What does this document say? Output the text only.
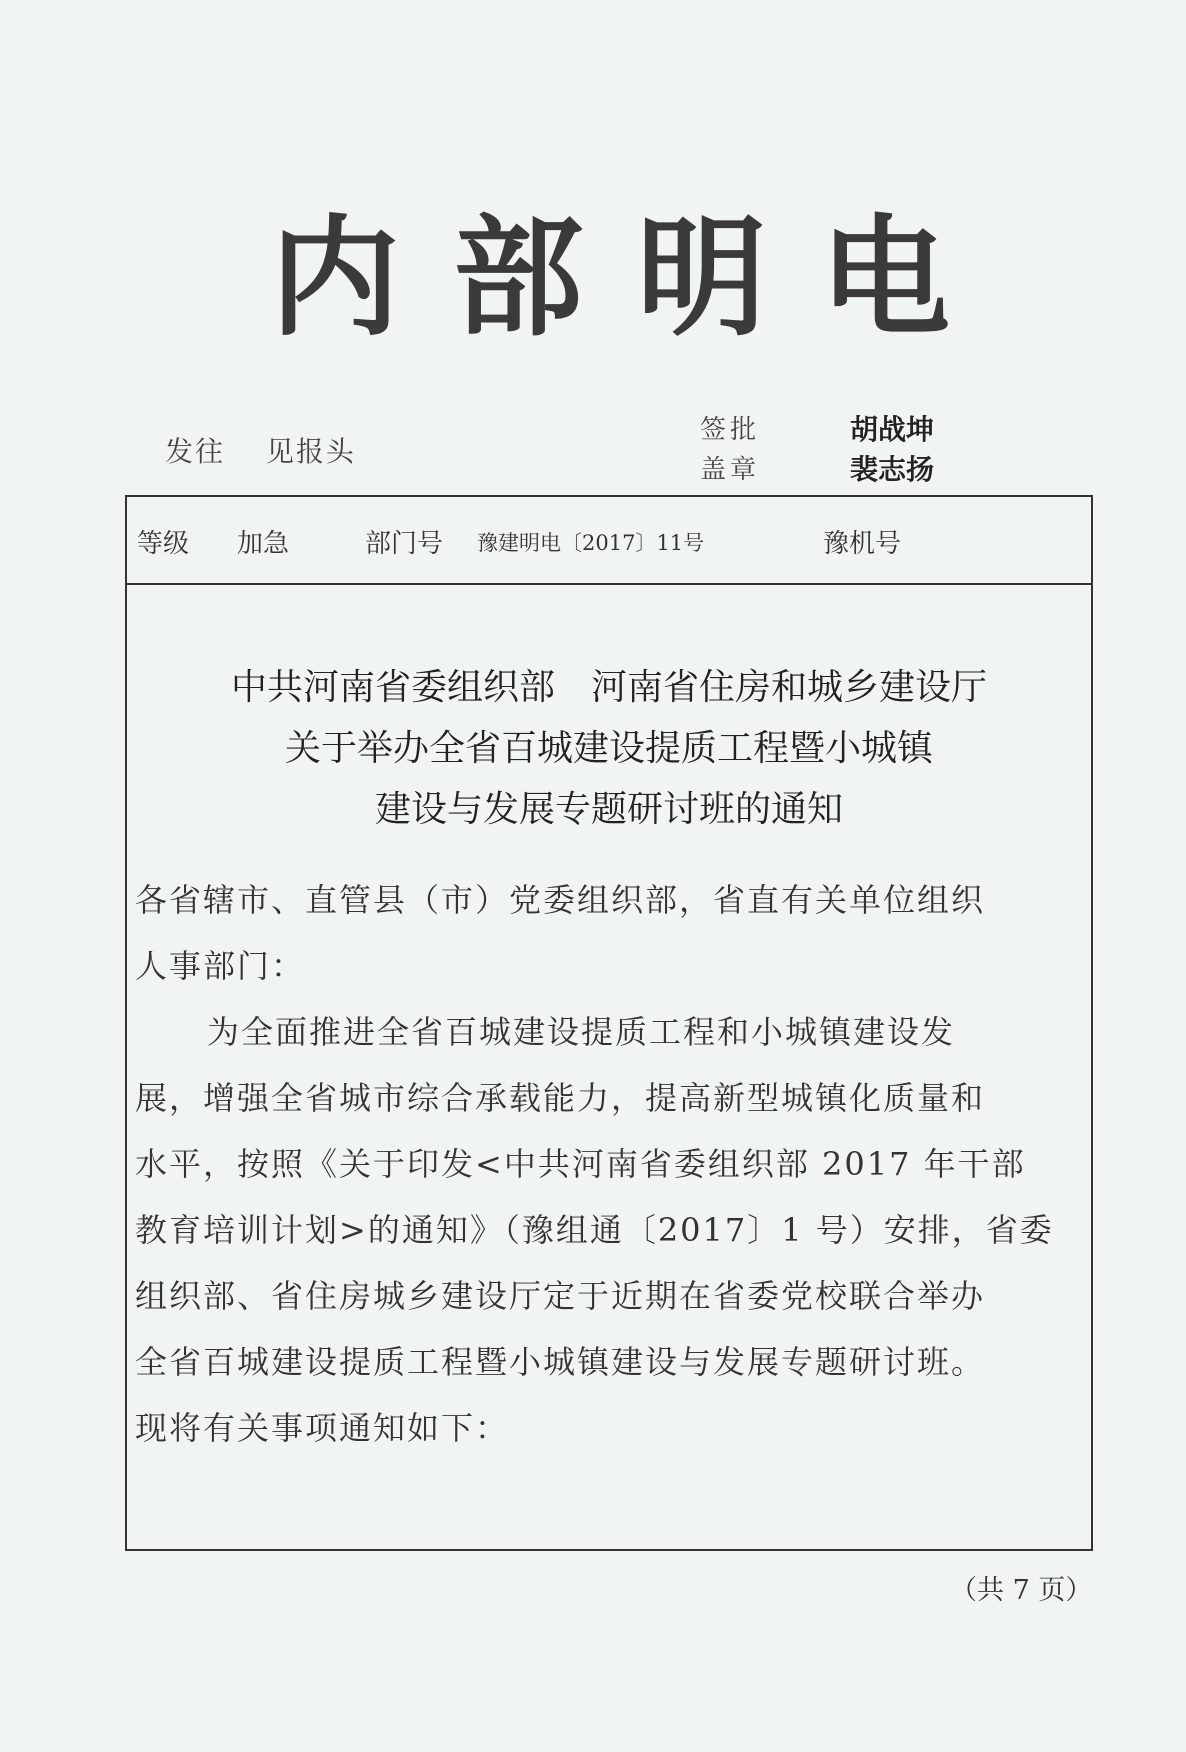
内 部 明 电
发往 见报头
签批	胡战坤
盖章	裴志扬
等级 加急	部门号 豫建明电〔2017〕11号	豫机号
中共河南省委组织部　河南省住房和城乡建设厅
关于举办全省百城建设提质工程暨小城镇
建设与发展专题研讨班的通知
各省辖市、直管县（市）党委组织部，省直有关单位组织
人事部门：
为全面推进全省百城建设提质工程和小城镇建设发
展，增强全省城市综合承载能力，提高新型城镇化质量和
水平，按照《关于印发<中共河南省委组织部 2017 年干部
教育培训计划>的通知》（豫组通〔2017〕1 号）安排，省委
组织部、省住房城乡建设厅定于近期在省委党校联合举办
全省百城建设提质工程暨小城镇建设与发展专题研讨班。
现将有关事项通知如下：
（共 7 页）
